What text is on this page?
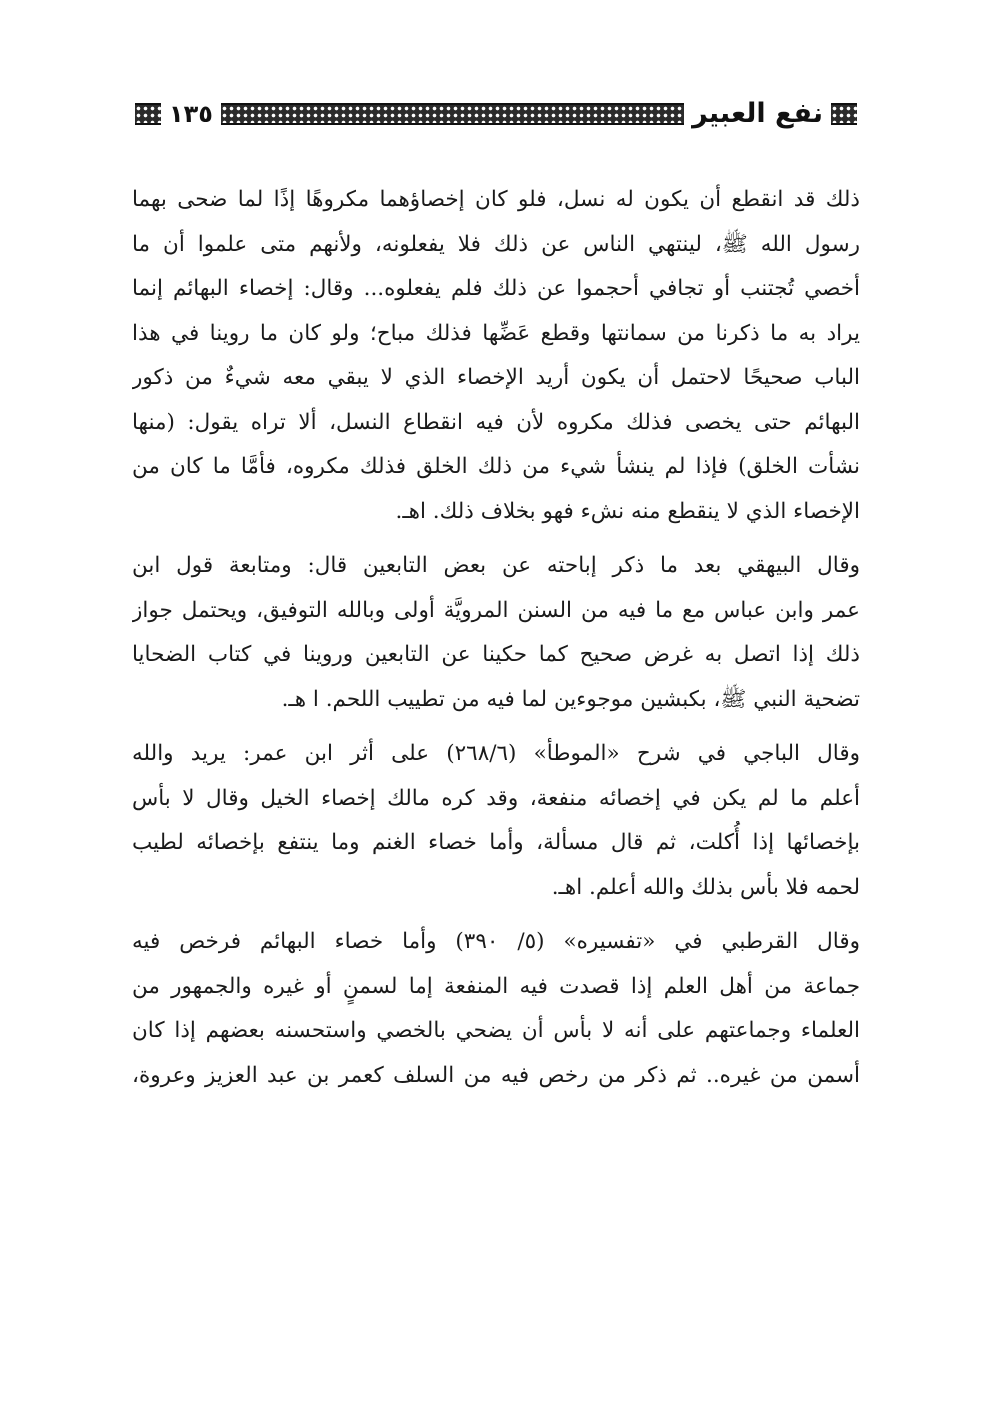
نفع العبير
١٣٥

ذلك قد انقطع أن يكون له نسل، فلو كان إخصاؤهما مكروهًا إذًا لما ضحى بهما
رسول الله ﷺ، لينتهي الناس عن ذلك فلا يفعلونه، ولأنهم متى علموا أن ما
أخصي تُجتنب أو تجافي أحجموا عن ذلك فلم يفعلوه... وقال: إخصاء البهائم إنما
يراد به ما ذكرنا من سمانتها وقطع عَضِّها فذلك مباح؛ ولو كان ما روينا في هذا
الباب صحيحًا لاحتمل أن يكون أريد الإخصاء الذي لا يبقي معه شيءٌ من ذكور
البهائم حتى يخصى فذلك مكروه لأن فيه انقطاع النسل، ألا تراه يقول: (منها
نشأت الخلق) فإذا لم ينشأ شيء من ذلك الخلق فذلك مكروه، فأمَّا ما كان من
الإخصاء الذي لا ينقطع منه نشء فهو بخلاف ذلك. اهـ.

وقال البيهقي بعد ما ذكر إباحته عن بعض التابعين قال: ومتابعة قول ابن
عمر وابن عباس مع ما فيه من السنن المرويَّة أولى وبالله التوفيق، ويحتمل جواز
ذلك إذا اتصل به غرض صحيح كما حكينا عن التابعين وروينا في كتاب الضحايا
تضحية النبي ﷺ، بكبشين موجوءين لما فيه من تطييب اللحم. ا هـ.

وقال الباجي في شرح «الموطأ» (٢٦٨/٦) على أثر ابن عمر: يريد والله
أعلم ما لم يكن في إخصائه منفعة، وقد كره مالك إخصاء الخيل وقال لا بأس
بإخصائها إذا أُكلت، ثم قال مسألة، وأما خصاء الغنم وما ينتفع بإخصائه لطيب
لحمه فلا بأس بذلك والله أعلم. اهـ.

وقال القرطبي في «تفسيره» (٥/ ٣٩٠) وأما خصاء البهائم فرخص فيه
جماعة من أهل العلم إذا قصدت فيه المنفعة إما لسمنٍ أو غيره والجمهور من
العلماء وجماعتهم على أنه لا بأس أن يضحي بالخصي واستحسنه بعضهم إذا كان
أسمن من غيره.. ثم ذكر من رخص فيه من السلف كعمر بن عبد العزيز وعروة،
